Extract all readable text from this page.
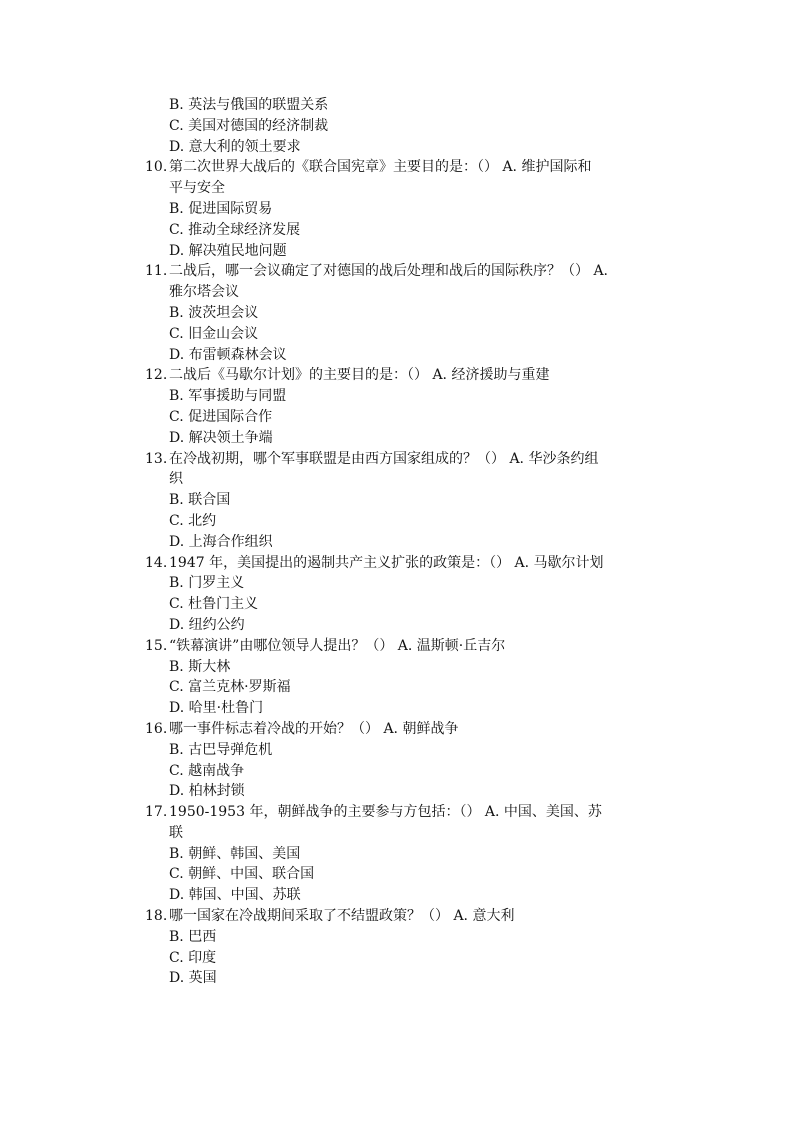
B. 英法与俄国的联盟关系
C. 美国对德国的经济制裁
D. 意大利的领土要求
10. 第二次世界大战后的《联合国宪章》主要目的是：（） A. 维护国际和
平与安全
B. 促进国际贸易
C. 推动全球经济发展
D. 解决殖民地问题
11. 二战后，哪一会议确定了对德国的战后处理和战后的国际秩序？（） A.
雅尔塔会议
B. 波茨坦会议
C. 旧金山会议
D. 布雷顿森林会议
12. 二战后《马歇尔计划》的主要目的是：（） A. 经济援助与重建
B. 军事援助与同盟
C. 促进国际合作
D. 解决领土争端
13. 在冷战初期，哪个军事联盟是由西方国家组成的？（） A. 华沙条约组
织
B. 联合国
C. 北约
D. 上海合作组织
14. 1947 年，美国提出的遏制共产主义扩张的政策是：（） A. 马歇尔计划
B. 门罗主义
C. 杜鲁门主义
D. 纽约公约
15. “铁幕演讲”由哪位领导人提出？（） A. 温斯顿·丘吉尔
B. 斯大林
C. 富兰克林·罗斯福
D. 哈里·杜鲁门
16. 哪一事件标志着冷战的开始？（） A. 朝鲜战争
B. 古巴导弹危机
C. 越南战争
D. 柏林封锁
17. 1950-1953 年，朝鲜战争的主要参与方包括：（） A. 中国、美国、苏
联
B. 朝鲜、韩国、美国
C. 朝鲜、中国、联合国
D. 韩国、中国、苏联
18. 哪一国家在冷战期间采取了不结盟政策？（） A. 意大利
B. 巴西
C. 印度
D. 英国
